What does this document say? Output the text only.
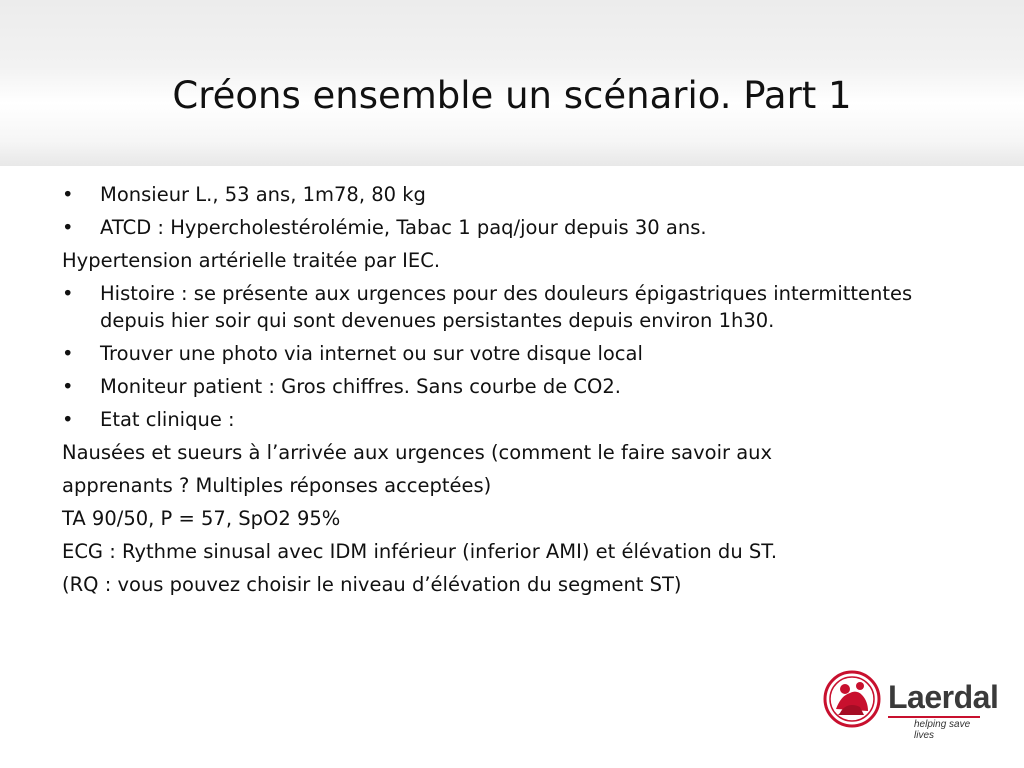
Créons ensemble un scénario. Part 1
• Monsieur L., 53 ans, 1m78, 80 kg
• ATCD : Hypercholestérolémie, Tabac 1 paq/jour depuis 30 ans.
Hypertension artérielle traitée par IEC.
• Histoire : se présente aux urgences pour des douleurs épigastriques intermittentes depuis hier soir qui sont devenues persistantes depuis environ 1h30.
• Trouver une photo via internet ou sur votre disque local
• Moniteur patient : Gros chiffres. Sans courbe de CO2.
• Etat clinique :
Nausées et sueurs à l’arrivée aux urgences (comment le faire savoir aux
apprenants ? Multiples réponses acceptées)
TA 90/50, P = 57, SpO2 95%
ECG : Rythme sinusal avec IDM inférieur (inferior AMI) et élévation du ST.
(RQ : vous pouvez choisir le niveau d’élévation du segment ST)
Laerdal
helping save lives
